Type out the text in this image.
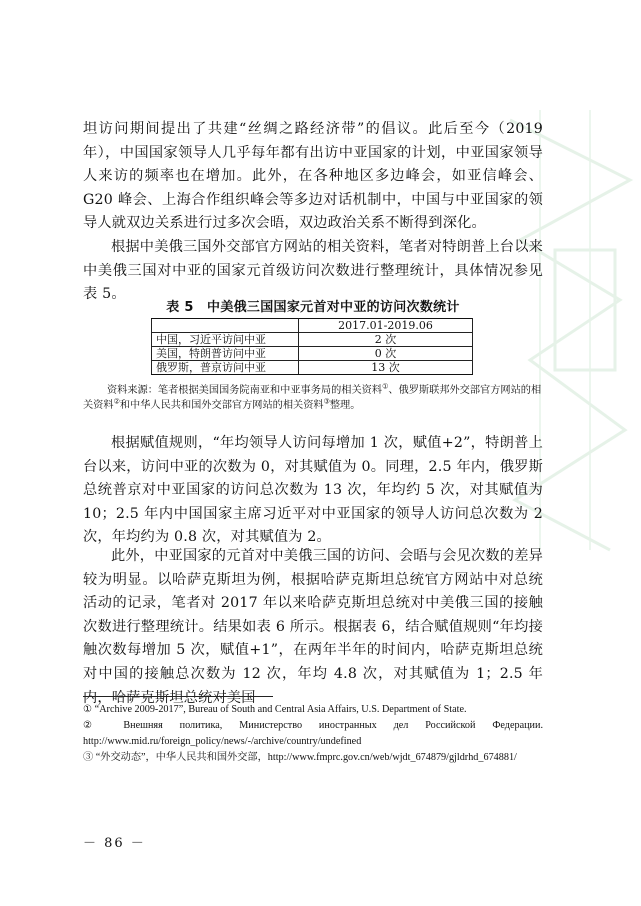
坦访问期间提出了共建“丝绸之路经济带”的倡议。此后至今（2019 年），中国国家领导人几乎每年都有出访中亚国家的计划，中亚国家领导人来访的频率也在增加。此外，在各种地区多边峰会，如亚信峰会、G20 峰会、上海合作组织峰会等多边对话机制中，中国与中亚国家的领导人就双边关系进行过多次会晤，双边政治关系不断得到深化。

根据中美俄三国外交部官方网站的相关资料，笔者对特朗普上台以来中美俄三国对中亚的国家元首级访问次数进行整理统计，具体情况参见表 5。

表 5　中美俄三国国家元首对中亚的访问次数统计
	2017.01-2019.06
中国，习近平访问中亚	2 次
美国，特朗普访问中亚	0 次
俄罗斯，普京访问中亚	13 次

资料来源：笔者根据美国国务院南亚和中亚事务局的相关资料①、俄罗斯联邦外交部官方网站的相关资料②和中华人民共和国外交部官方网站的相关资料③整理。

根据赋值规则，“年均领导人访问每增加 1 次，赋值+2”，特朗普上台以来，访问中亚的次数为 0，对其赋值为 0。同理，2.5 年内，俄罗斯总统普京对中亚国家的访问总次数为 13 次，年均约 5 次，对其赋值为 10；2.5 年内中国国家主席习近平对中亚国家的领导人访问总次数为 2 次，年均约为 0.8 次，对其赋值为 2。

此外，中亚国家的元首对中美俄三国的访问、会晤与会见次数的差异较为明显。以哈萨克斯坦为例，根据哈萨克斯坦总统官方网站中对总统活动的记录，笔者对 2017 年以来哈萨克斯坦总统对中美俄三国的接触次数进行整理统计。结果如表 6 所示。根据表 6，结合赋值规则“年均接触次数每增加 5 次，赋值+1”，在两年半年的时间内，哈萨克斯坦总统对中国的接触总次数为 12 次，年均 4.8 次，对其赋值为 1；2.5 年内，哈萨克斯坦总统对美国

① “Archive 2009-2017”, Bureau of South and Central Asia Affairs, U.S. Department of State.
② Внешняя политика, Министерство иностранных дел Российской Федерации. http://www.mid.ru/foreign_policy/news/-/archive/country/undefined
③ “外交动态”，中华人民共和国外交部，http://www.fmprc.gov.cn/web/wjdt_674879/gjldrhd_674881/
－ 86 －
